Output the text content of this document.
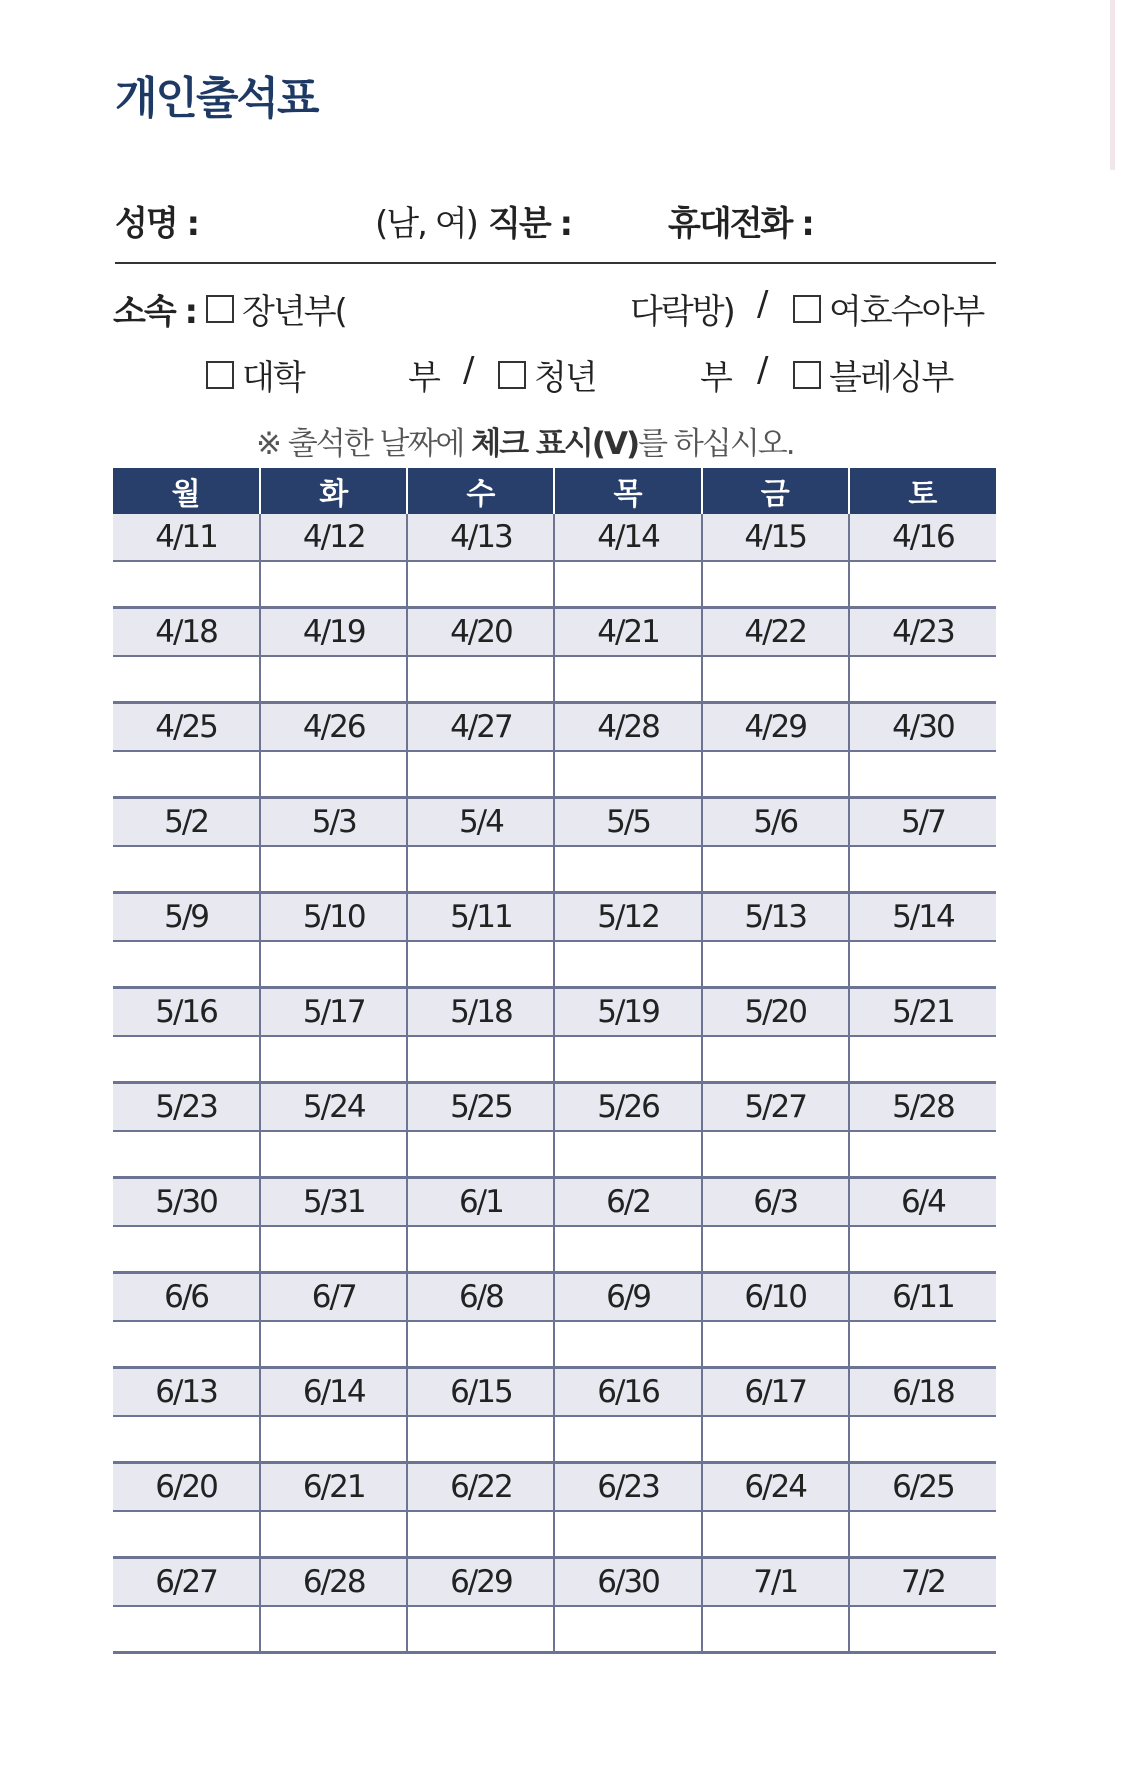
개인출석표
성명 :	(남, 여) 직분 :	휴대전화 :
소속 : 장년부(	다락방) / 여호수아부
대학	부 / 청년	부 / 블레싱부
※ 출석한 날짜에 체크 표시(V)를 하십시오.
월	화	수	목	금	토
4/11	4/12	4/13	4/14	4/15	4/16

4/18	4/19	4/20	4/21	4/22	4/23

4/25	4/26	4/27	4/28	4/29	4/30

5/2	5/3	5/4	5/5	5/6	5/7

5/9	5/10	5/11	5/12	5/13	5/14

5/16	5/17	5/18	5/19	5/20	5/21

5/23	5/24	5/25	5/26	5/27	5/28

5/30	5/31	6/1	6/2	6/3	6/4

6/6	6/7	6/8	6/9	6/10	6/11

6/13	6/14	6/15	6/16	6/17	6/18

6/20	6/21	6/22	6/23	6/24	6/25

6/27	6/28	6/29	6/30	7/1	7/2
